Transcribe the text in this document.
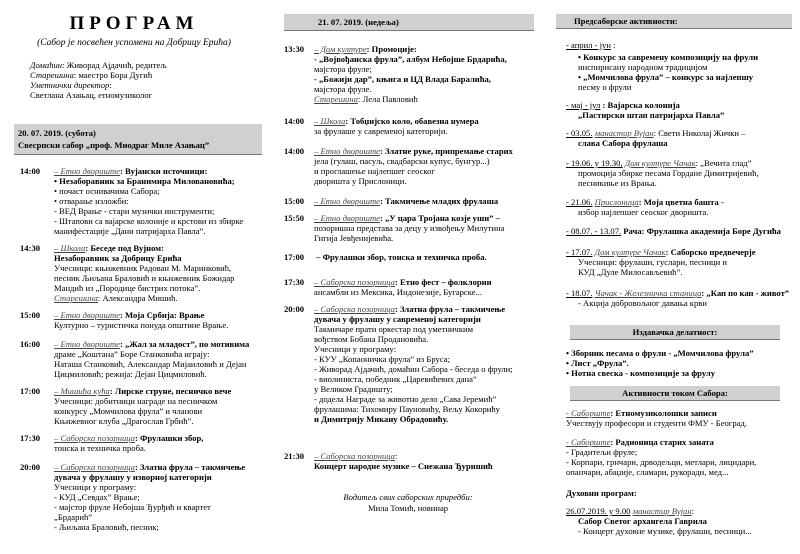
ПРОГРАМ
(Сабор је посвећен успомени на Добрицу Ерића)
Домаћин: Живорад Ајдачић, редитељ
Старешина: маестро Бора Дугић
Уметнички директор:
Светлана Азањац, етномузиколог
20. 07. 2019. (субота)
Свесрпски сабор „проф. Миодраг Миле Азањац”
14:00 – Етно двориште: Вујански источници:
• Незаборавник за Бранимира Миловановића;
• почаст оснивачима Сабора;
• отварање изложби:
- ВЕД Врање - стари музички инструменти;
- Штапови са вајарске колоније и крстови из збирке
манифестације „Дани патријарха Павла”.
14:30 – Школа: Беседе под Вујном:
Незаборавник за Добрицу Ерића
Учесници: књижевник Радован М. Маринковић,
песник Љиљана Браловић и књижевник Божидар
Мандић из „Породице бистрих потока”.
Старешина: Александра Мишић.
15:00 – Етно двориште: Моја Србија: Врање
Културно – туристичка понуда општине Врање.
16:00 – Етно двориште: „Жал за младост”, по мотивима
драме „Коштана” Боре Станковића играју:
Наташа Станковић, Александар Мијаиловић и Дејан
Цицмиловић; режија: Дејан Цицмиловић.
17:00 – Мишића кућа: Лирске струне, песничко вече
Учесници: добитници награде на песничком
конкурсу „Момчилова фрула” и чланови
Књижевног клуба „Драгослав Грбић”.
17:30 – Саборска позорница: Фрулашки збор,
тонска и техничка проба.
20:00 – Саборска позорница: Златна фрула – такмичење
дувача у фрулашу у изворној категорији
Учесници у програму:
- КУД „Севдах” Врање;
- мајстор фруле Небојша Ђурђић и квартет
„Брдарић”
- Љиљана Браловић, песник;
21. 07. 2019. (недеља)
13:30 – Дом културе: Промоције:
- „Војвођанска фрула”, албум Небојше Брдарића,
мајстора фруле;
- „Божији дар”, књига и ЦД Влада Баралића,
мајстора фруле.
Старешина: Лела Павловић
14:00 – Школа: Тобџијско коло, обавезна нумера
за фрулаше у савременој категорији.
14:00 – Етно двориште: Златне руке, припремање старих
јела (гулаш, пасуљ, свадбарски купус, бунгур...)
и проглашење најлепшег сеоског
дворишта у Прислоници.
15:00 – Етно двориште: Такмичење младих фрулаша
15:50 – Етно двориште: „У цара Тројана козје уши” –
позоришна представа за децу у извођењу Милутина
Гигија Јевђенијевића.
17:00 – Фрулашки збор, тонска и техничка проба.
17:30 – Саборска позорница: Етно фест – фолклорни
ансамбли из Мексика, Индонезије, Бугарске...
20:00 – Саборска позорница: Златна фрула – такмичење
дувача у фрулашу у савременој категорији
Такмичаре прати оркестар под уметничким
вођством Бобана Продановића.
Учесници у програму:
- КУУ „Копаоничка фрула” из Бруса;
- Живорад Ајдачић, домаћин Сабора - беседа о фрули;
- виолиниста, победник „Царевићевих дана”
у Великом Градишту;
- додела Награде за животно дело „Сава Јеремић”
фрулашима: Тихомиру Пауновићу, Вељу Кокорићу
и Димитрију Микану Обрадовићу.
21:30 – Саборска позорница:
Концерт народне музике – Снежана Ђуришић
Водитељ свих саборских приредби:
Мила Томић, новинар
Предсаборске активности:
- април - јун :
• Конкурс за савремену композицију на фрули
инспирисану народном традицијом
• „Момчилова фрула” – конкурс за најлепшу
песму о фрули
- мај - јул : Вајарска колонија
„Пастирски штап патријарха Павла”
- 03.05. манастир Вујан: Свети Николај Жички –
слава Сабора фрулаша
- 19.06. у 19.30, Дом културе Чачак: „Вечита глад”
промоција збирке песама Гордане Димитријевић,
песникиње из Врања.
- 21.06. Прислоница: Моја цветна башта -
избор најлепшег сеоског дворишта.
- 08.07. - 13.07. Рача: Фрулашка академија Боре Дугића
- 17.07. Дом културе Чачак: Саборско предвечерје
Учесници: фрулаши, гуслари, песници и
КУД „Дуле Милосављевић”.
- 18.07. Чачак - Железничка станица: „Кап по кап - живот”
- Акција добровољног давања крви
Издавачка делатност:
• Зборник песама о фрули - „Момчилова фрула”
• Лист „Фрула”.
• Нотна свеска - композиције за фрулу
Активности током Сабора:
- Саборште: Етномузиколошки записи
Учествују професори и студенти ФМУ - Београд.
- Саборште: Радионица старих заната
- Градитељи фруле;
- Корпари, грнчари, дрводељци, метлари, лицидари,
опанчари, абаџије, сламари, рукоради, мед...
Духовни програм:
26.07.2019. у 9.00 манастир Вујан:
Сабор Светог архангела Гаврила
- Концерт духовне музике, фрулаши, песници...
